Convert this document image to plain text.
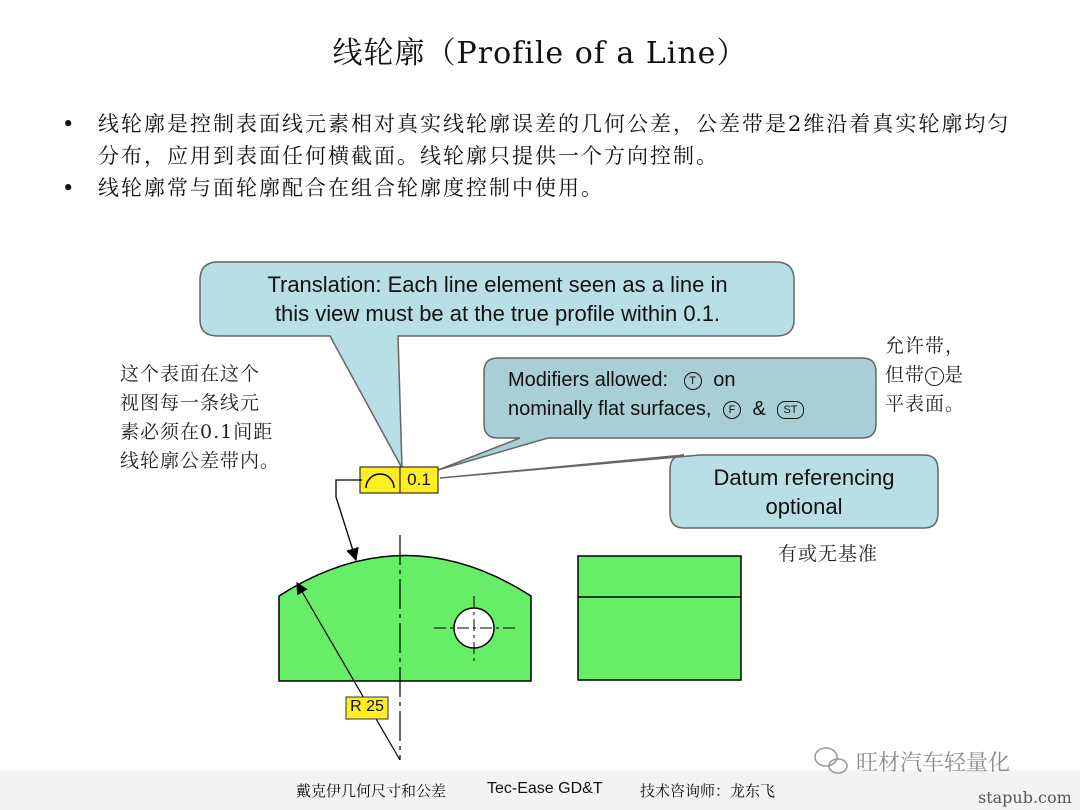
线轮廓（Profile of a Line）
• 线轮廓是控制表面线元素相对真实线轮廓误差的几何公差，公差带是2维沿着真实轮廓均匀分布，应用到表面任何横截面。线轮廓只提供一个方向控制。
• 线轮廓常与面轮廓配合在组合轮廓度控制中使用。
Translation: Each line element seen as a line in
this view must be at the true profile within 0.1.
Modifiers allowed: T on
nominally flat surfaces, F & ST
Datum referencing
optional
0.1
R 25
这个表面在这个
视图每一条线元
素必须在0.1间距
线轮廓公差带内。
允许带，
但带 T 是
平表面。
有或无基准
戴克伊几何尺寸和公差	Tec-Ease GD&T 技术咨询师：龙东飞
旺材汽车轻量化
stapub.com
